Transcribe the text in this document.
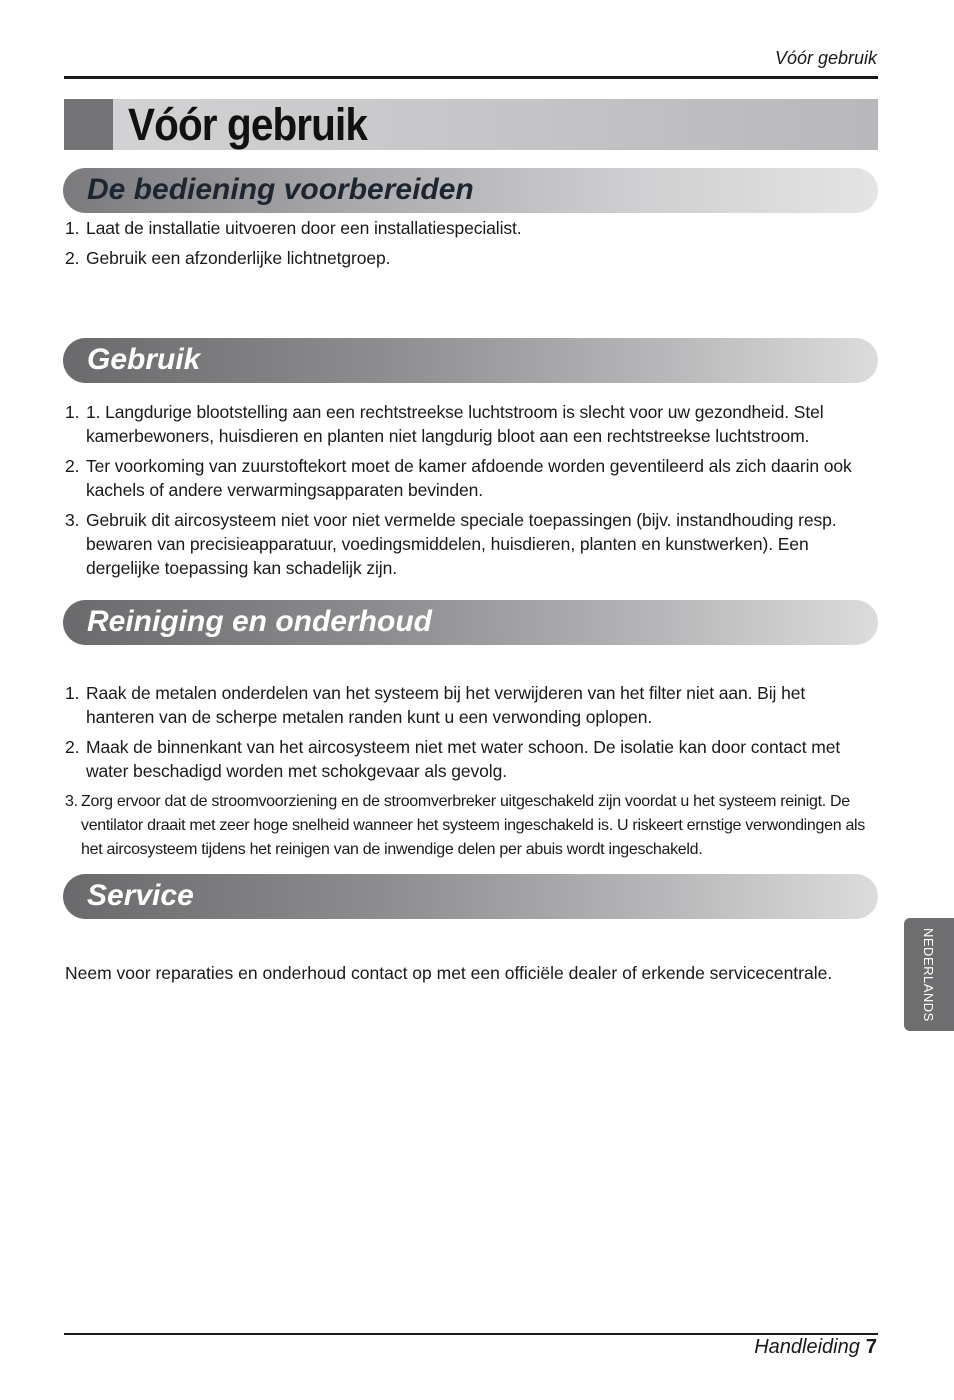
Vóór gebruik
Vóór gebruik
De bediening voorbereiden
1. Laat de installatie uitvoeren door een installatiespecialist.
2. Gebruik een afzonderlijke lichtnetgroep.
Gebruik
1. 1. Langdurige blootstelling aan een rechtstreekse luchtstroom is slecht voor uw gezondheid. Stel kamerbewoners, huisdieren en planten niet langdurig bloot aan een rechtstreekse luchtstroom.
2. Ter voorkoming van zuurstoftekort moet de kamer afdoende worden geventileerd als zich daarin ook kachels of andere verwarmingsapparaten bevinden.
3. Gebruik dit aircosysteem niet voor niet vermelde speciale toepassingen (bijv. instandhouding resp. bewaren van precisieapparatuur, voedingsmiddelen, huisdieren, planten en kunstwerken). Een dergelijke toepassing kan schadelijk zijn.
Reiniging en onderhoud
1. Raak de metalen onderdelen van het systeem bij het verwijderen van het filter niet aan. Bij het hanteren van de scherpe metalen randen kunt u een verwonding oplopen.
2. Maak de binnenkant van het aircosysteem niet met water schoon. De isolatie kan door contact met water beschadigd worden met schokgevaar als gevolg.
3. Zorg ervoor dat de stroomvoorziening en de stroomverbreker uitgeschakeld zijn voordat u het systeem reinigt. De ventilator draait met zeer hoge snelheid wanneer het systeem ingeschakeld is. U riskeert ernstige verwondingen als het aircosysteem tijdens het reinigen van de inwendige delen per abuis wordt ingeschakeld.
Service

Neem voor reparaties en onderhoud contact op met een officiële dealer of erkende servicecentrale.	NEDERLANDS
Handleiding 7
